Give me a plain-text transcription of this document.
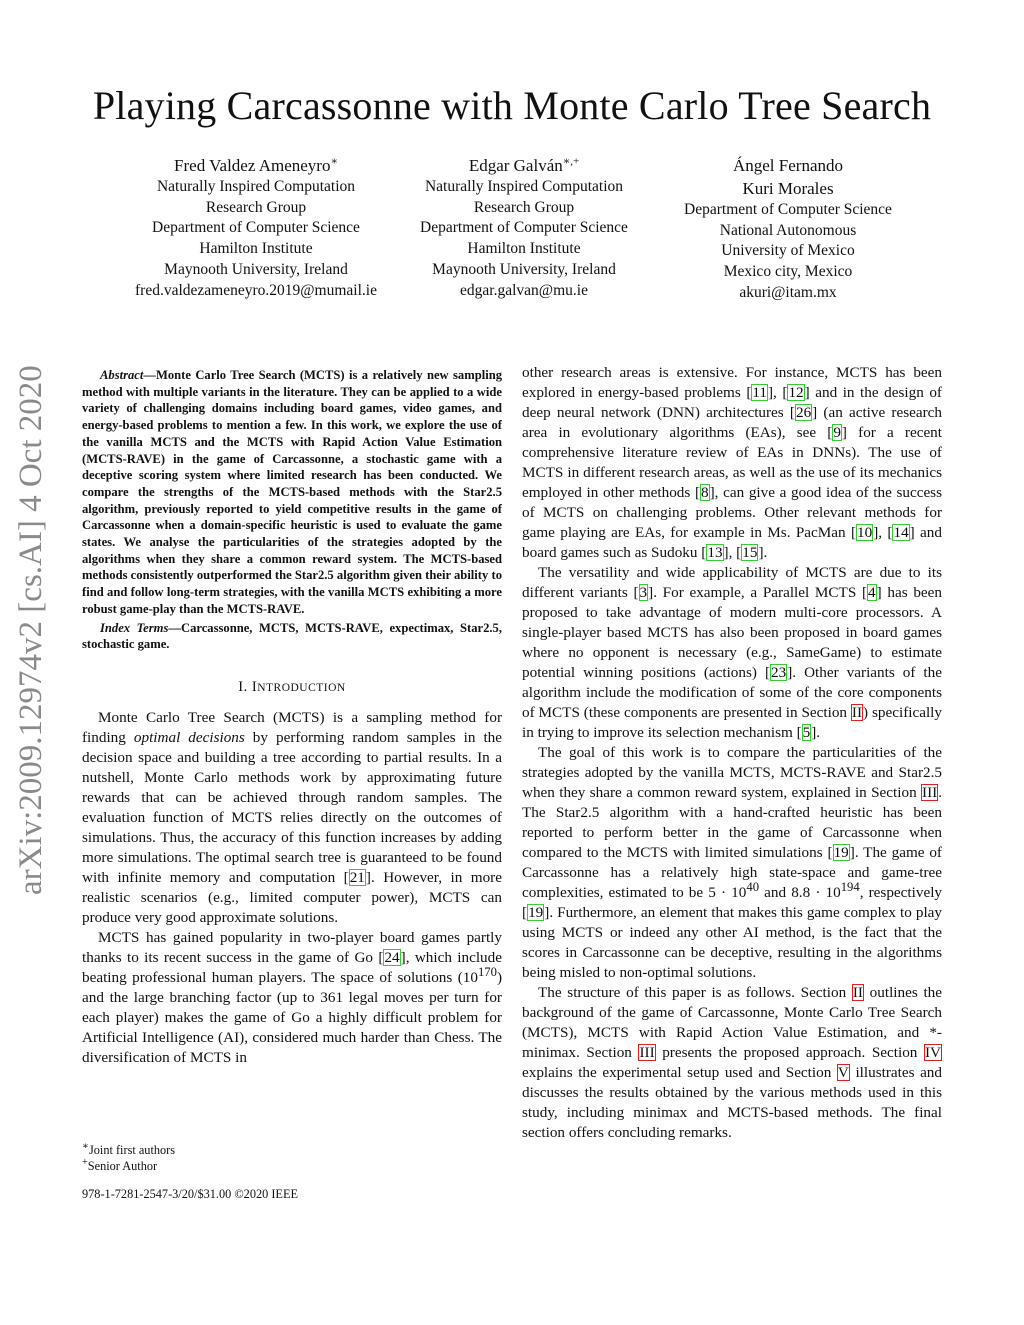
Playing Carcassonne with Monte Carlo Tree Search
Fred Valdez Ameneyro∗
Naturally Inspired Computation
Research Group
Department of Computer Science
Hamilton Institute
Maynooth University, Ireland
fred.valdezameneyro.2019@mumail.ie
Edgar Galván∗,+
Naturally Inspired Computation
Research Group
Department of Computer Science
Hamilton Institute
Maynooth University, Ireland
edgar.galvan@mu.ie
Ángel Fernando
Kuri Morales
Department of Computer Science
National Autonomous
University of Mexico
Mexico city, Mexico
akuri@itam.mx
arXiv:2009.12974v2 [cs.AI] 4 Oct 2020	Abstract—Monte Carlo Tree Search (MCTS) is a relatively new sampling method with multiple variants in the literature. They can be applied to a wide variety of challenging domains including board games, video games, and energy-based problems to mention a few. In this work, we explore the use of the vanilla MCTS and the MCTS with Rapid Action Value Estimation (MCTS-RAVE) in the game of Carcassonne, a stochastic game with a deceptive scoring system where limited research has been conducted. We compare the strengths of the MCTS-based methods with the Star2.5 algorithm, previously reported to yield competitive results in the game of Carcassonne when a domain-specific heuristic is used to evaluate the game states. We analyse the particularities of the strategies adopted by the algorithms when they share a common reward system. The MCTS-based methods consistently outperformed the Star2.5 algorithm given their ability to find and follow long-term strategies, with the vanilla MCTS exhibiting a more robust game-play than the MCTS-RAVE.

Index Terms—Carcassonne, MCTS, MCTS-RAVE, expectimax, Star2.5, stochastic game.

I. INTRODUCTION

Monte Carlo Tree Search (MCTS) is a sampling method for finding optimal decisions by performing random samples in the decision space and building a tree according to partial results. In a nutshell, Monte Carlo methods work by approximating future rewards that can be achieved through random samples. The evaluation function of MCTS relies directly on the outcomes of simulations. Thus, the accuracy of this function increases by adding more simulations. The optimal search tree is guaranteed to be found with infinite memory and computation [21]. However, in more realistic scenarios (e.g., limited computer power), MCTS can produce very good approximate solutions.

MCTS has gained popularity in two-player board games partly thanks to its recent success in the game of Go [24], which include beating professional human players. The space of solutions $(10^{170})$ and the large branching factor (up to 361 legal moves per turn for each player) makes the game of Go a highly difficult problem for Artificial Intelligence (AI), considered much harder than Chess. The diversification of MCTS in

other research areas is extensive. For instance, MCTS has been explored in energy-based problems [11], [12] and in the design of deep neural network (DNN) architectures [26] (an active research area in evolutionary algorithms (EAs), see [9] for a recent comprehensive literature review of EAs in DNNs). The use of MCTS in different research areas, as well as the use of its mechanics employed in other methods [8], can give a good idea of the success of MCTS on challenging problems. Other relevant methods for game playing are EAs, for example in Ms. PacMan [10], [14] and board games such as Sudoku [13], [15].

The versatility and wide applicability of MCTS are due to its different variants [3]. For example, a Parallel MCTS [4] has been proposed to take advantage of modern multi-core processors. A single-player based MCTS has also been proposed in board games where no opponent is necessary (e.g., SameGame) to estimate potential winning positions (actions) [23]. Other variants of the algorithm include the modification of some of the core components of MCTS (these components are presented in Section II) specifically in trying to improve its selection mechanism [5].

The goal of this work is to compare the particularities of the strategies adopted by the vanilla MCTS, MCTS-RAVE and Star2.5 when they share a common reward system, explained in Section III. The Star2.5 algorithm with a hand-crafted heuristic has been reported to perform better in the game of Carcassonne when compared to the MCTS with limited simulations [19]. The game of Carcassonne has a relatively high state-space and game-tree complexities, estimated to be $5 \cdot 10^{40}$ and $8.8 \cdot 10^{194}$, respectively [19]. Furthermore, an element that makes this game complex to play using MCTS or indeed any other AI method, is the fact that the scores in Carcassonne can be deceptive, resulting in the algorithms being misled to non-optimal solutions.

The structure of this paper is as follows. Section II outlines the background of the game of Carcassonne, Monte Carlo Tree Search (MCTS), MCTS with Rapid Action Value Estimation, and *-minimax. Section III presents the proposed approach. Section IV explains the experimental setup used and Section V illustrates and discusses the results obtained by the various methods used in this study, including minimax and MCTS-based methods. The final section offers concluding remarks.

∗Joint first authors
+Senior Author
978-1-7281-2547-3/20/$31.00 ©2020 IEEE
